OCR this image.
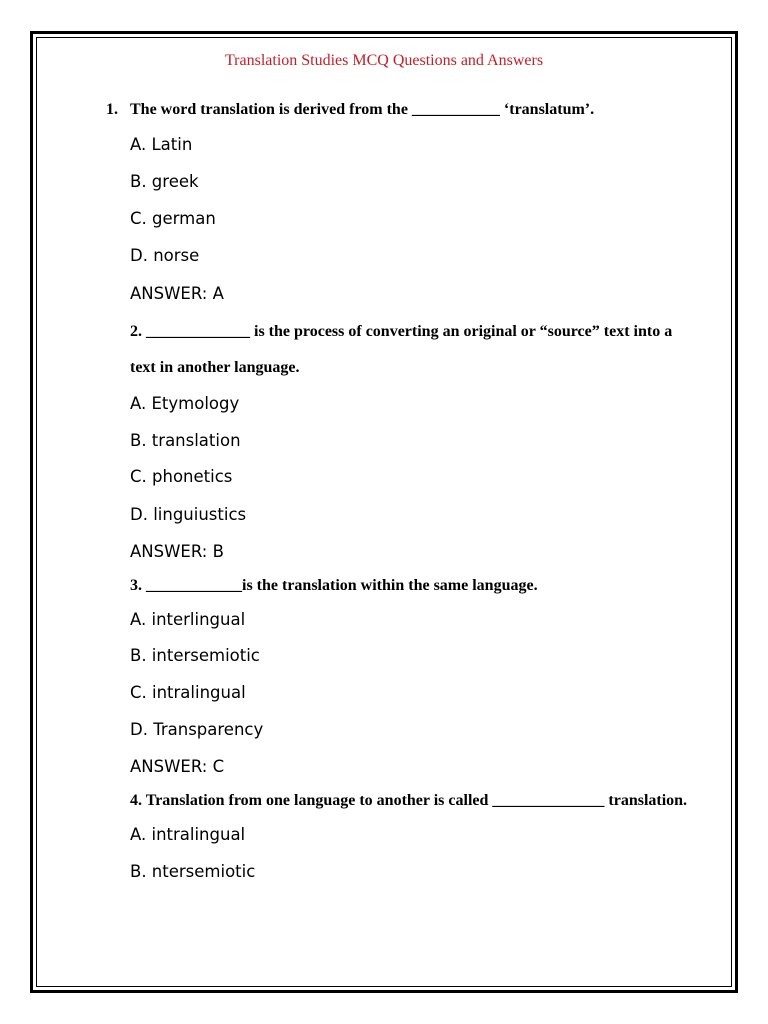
Translation Studies MCQ Questions and Answers
1. The word translation is derived from the ___________ ‘translatum’.
A. Latin
B. greek
C. german
D. norse
ANSWER: A
2. _____________ is the process of converting an original or “source” text into a
text in another language.
A. Etymology
B. translation
C. phonetics
D. linguiustics
ANSWER: B
3. ____________is the translation within the same language.
A. interlingual
B. intersemiotic
C. intralingual
D. Transparency
ANSWER: C
4. Translation from one language to another is called ______________ translation.
A. intralingual
B. ntersemiotic
